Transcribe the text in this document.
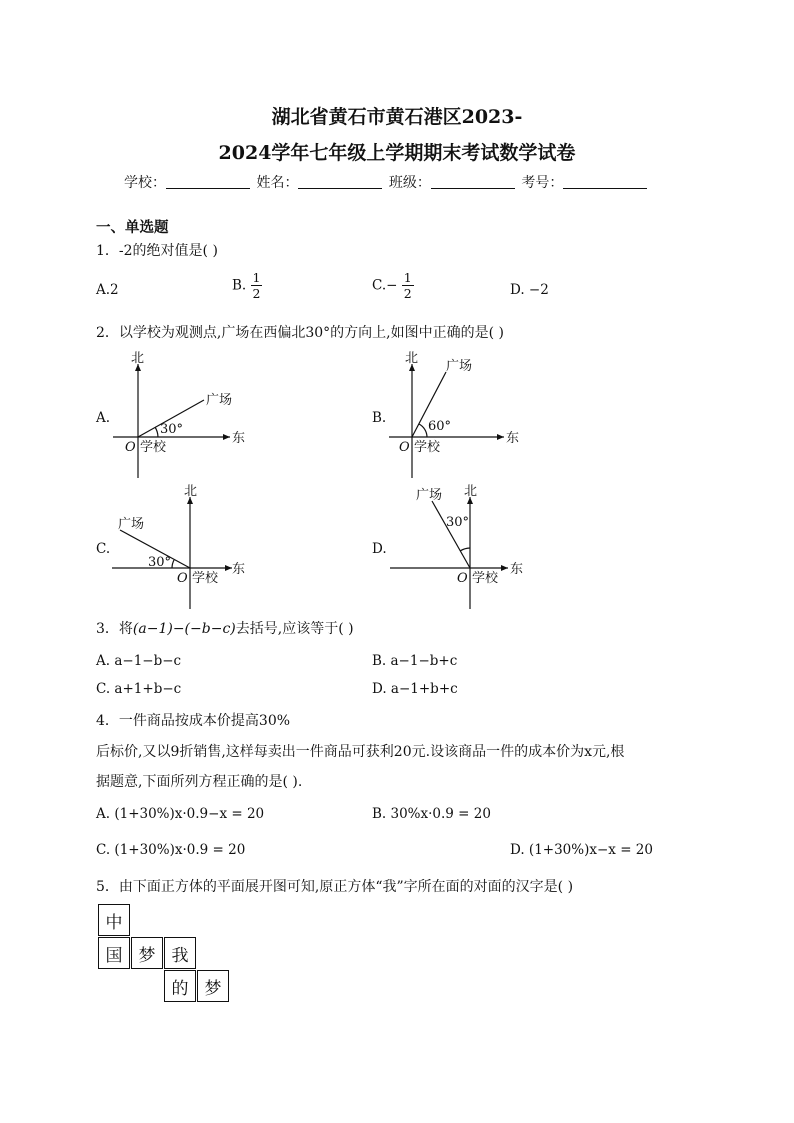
湖北省黄石市黄石港区2023-
2024学年七年级上学期期末考试数学试卷
学校：	姓名：	班级：	考号：
一、单选题
1．-2的绝对值是( )
A.2	B. $\frac{1}{2}$	$C.- \frac{1}{2}$	D. −2
2．以学校为观测点,广场在西偏北30°的方向上,如图中正确的是( )
A.	B.
C.	D.
北
东
广场
30°
O 学校
北
东
广场
60°
O 学校
北
东
广场
30°
O 学校
北
东
广场
30°
O 学校
3．将(a−1)−(−b−c)去括号,应该等于( )
A. a−1−b−c	B. a−1−b+c
C. a+1+b−c	D. a−1+b+c
4．一件商品按成本价提高30%
后标价,又以9折销售,这样每卖出一件商品可获利20元.设该商品一件的成本价为x元,根
据题意,下面所列方程正确的是( ).
A. (1+30%)x·0.9−x = 20	B. 30%x·0.9 = 20
C. (1+30%)x·0.9 = 20	D. (1+30%)x−x = 20
5．由下面正方体的平面展开图可知,原正方体“我”字所在面的对面的汉字是( )
中
国 梦 我
的 梦
